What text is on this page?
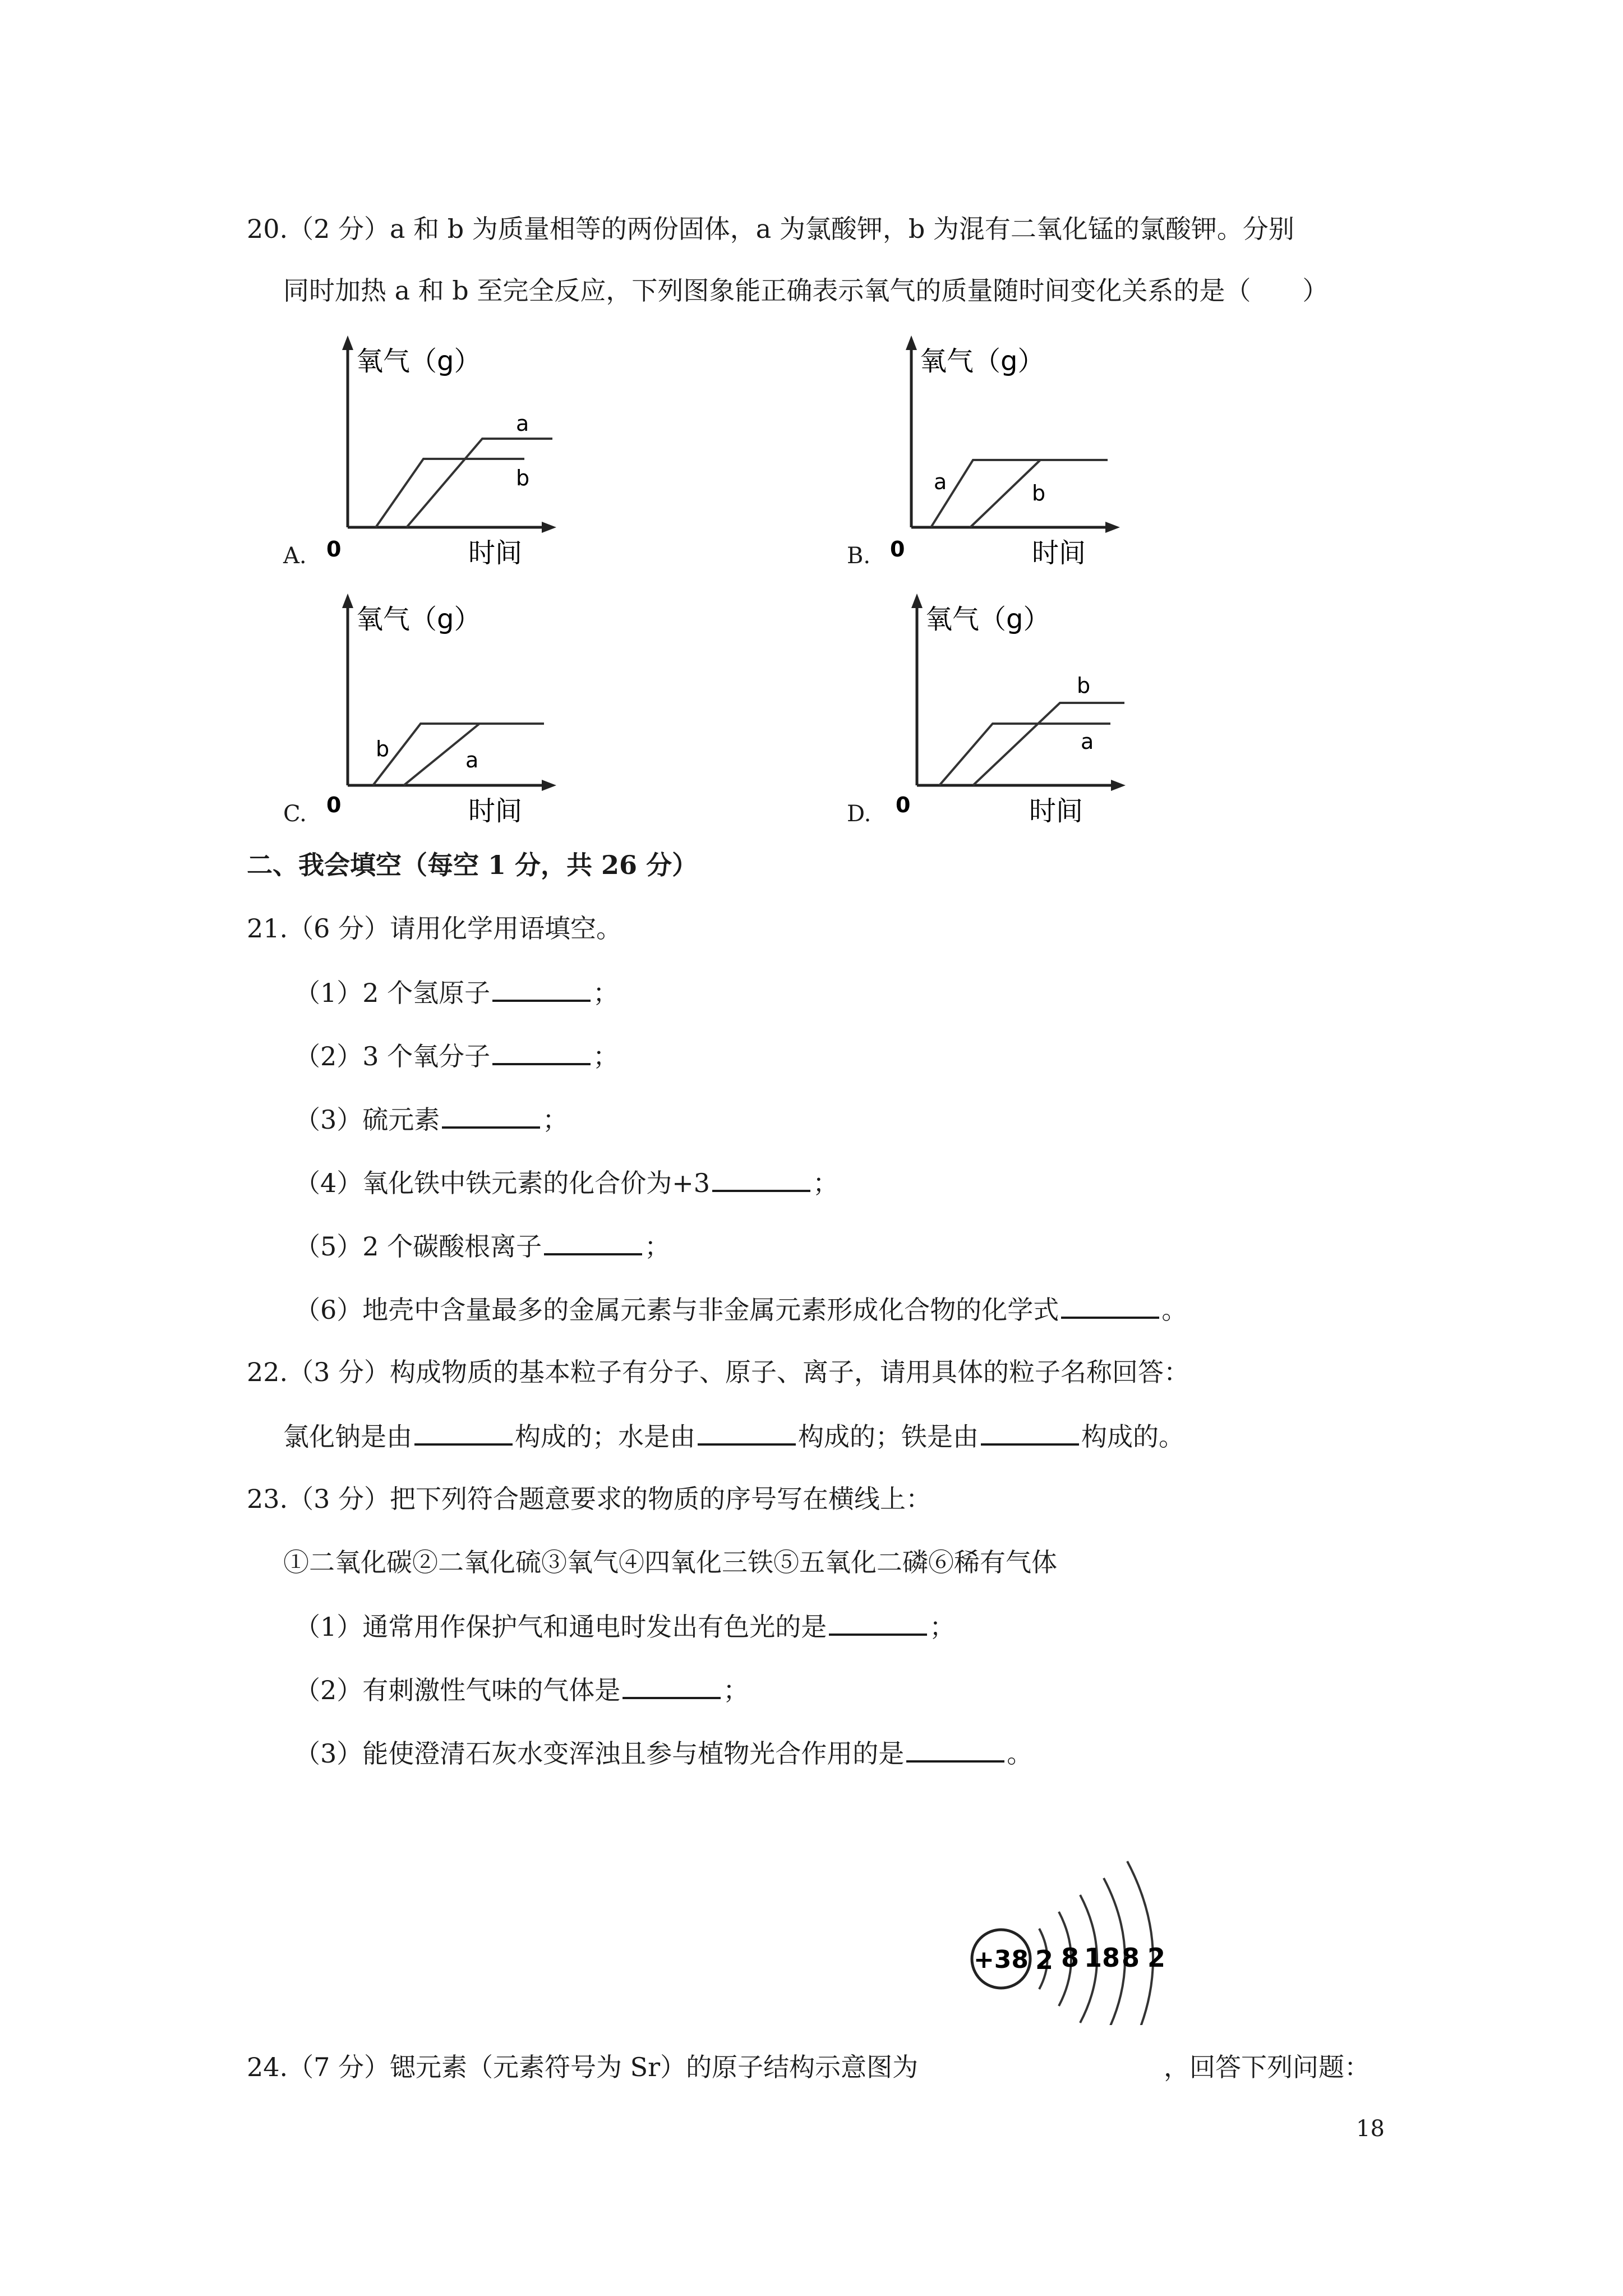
20.（2 分）a 和 b 为质量相等的两份固体，a 为氯酸钾，b 为混有二氧化锰的氯酸钾。分别
同时加热 a 和 b 至完全反应，下列图象能正确表示氧气的质量随时间变化关系的是（　　）
A.
氧气（g）
0	时间
a
b
B.
氧气（g）
0	时间
a	b
C.
氧气（g）
0	时间
b	a
D.
氧气（g）
0	时间
b
a
二、我会填空（每空 1 分，共 26 分）
21.（6 分）请用化学用语填空。
（1）2 个氢原子	；
（2）3 个氧分子	；
（3）硫元素	；
（4）氧化铁中铁元素的化合价为+3	；
（5）2 个碳酸根离子	；
（6）地壳中含量最多的金属元素与非金属元素形成化合物的化学式	。
22.（3 分）构成物质的基本粒子有分子、原子、离子，请用具体的粒子名称回答：
氯化钠是由	构成的；水是由	构成的；铁是由	构成的。
23.（3 分）把下列符合题意要求的物质的序号写在横线上：
①二氧化碳②二氧化硫③氧气④四氧化三铁⑤五氧化二磷⑥稀有气体
（1）通常用作保护气和通电时发出有色光的是	；
（2）有刺激性气味的气体是	；
（3）能使澄清石灰水变浑浊且参与植物光合作用的是	。
+38 2 8 18 8 2
24.（7 分）锶元素（元素符号为 Sr）的原子结构示意图为	，回答下列问题：
18
